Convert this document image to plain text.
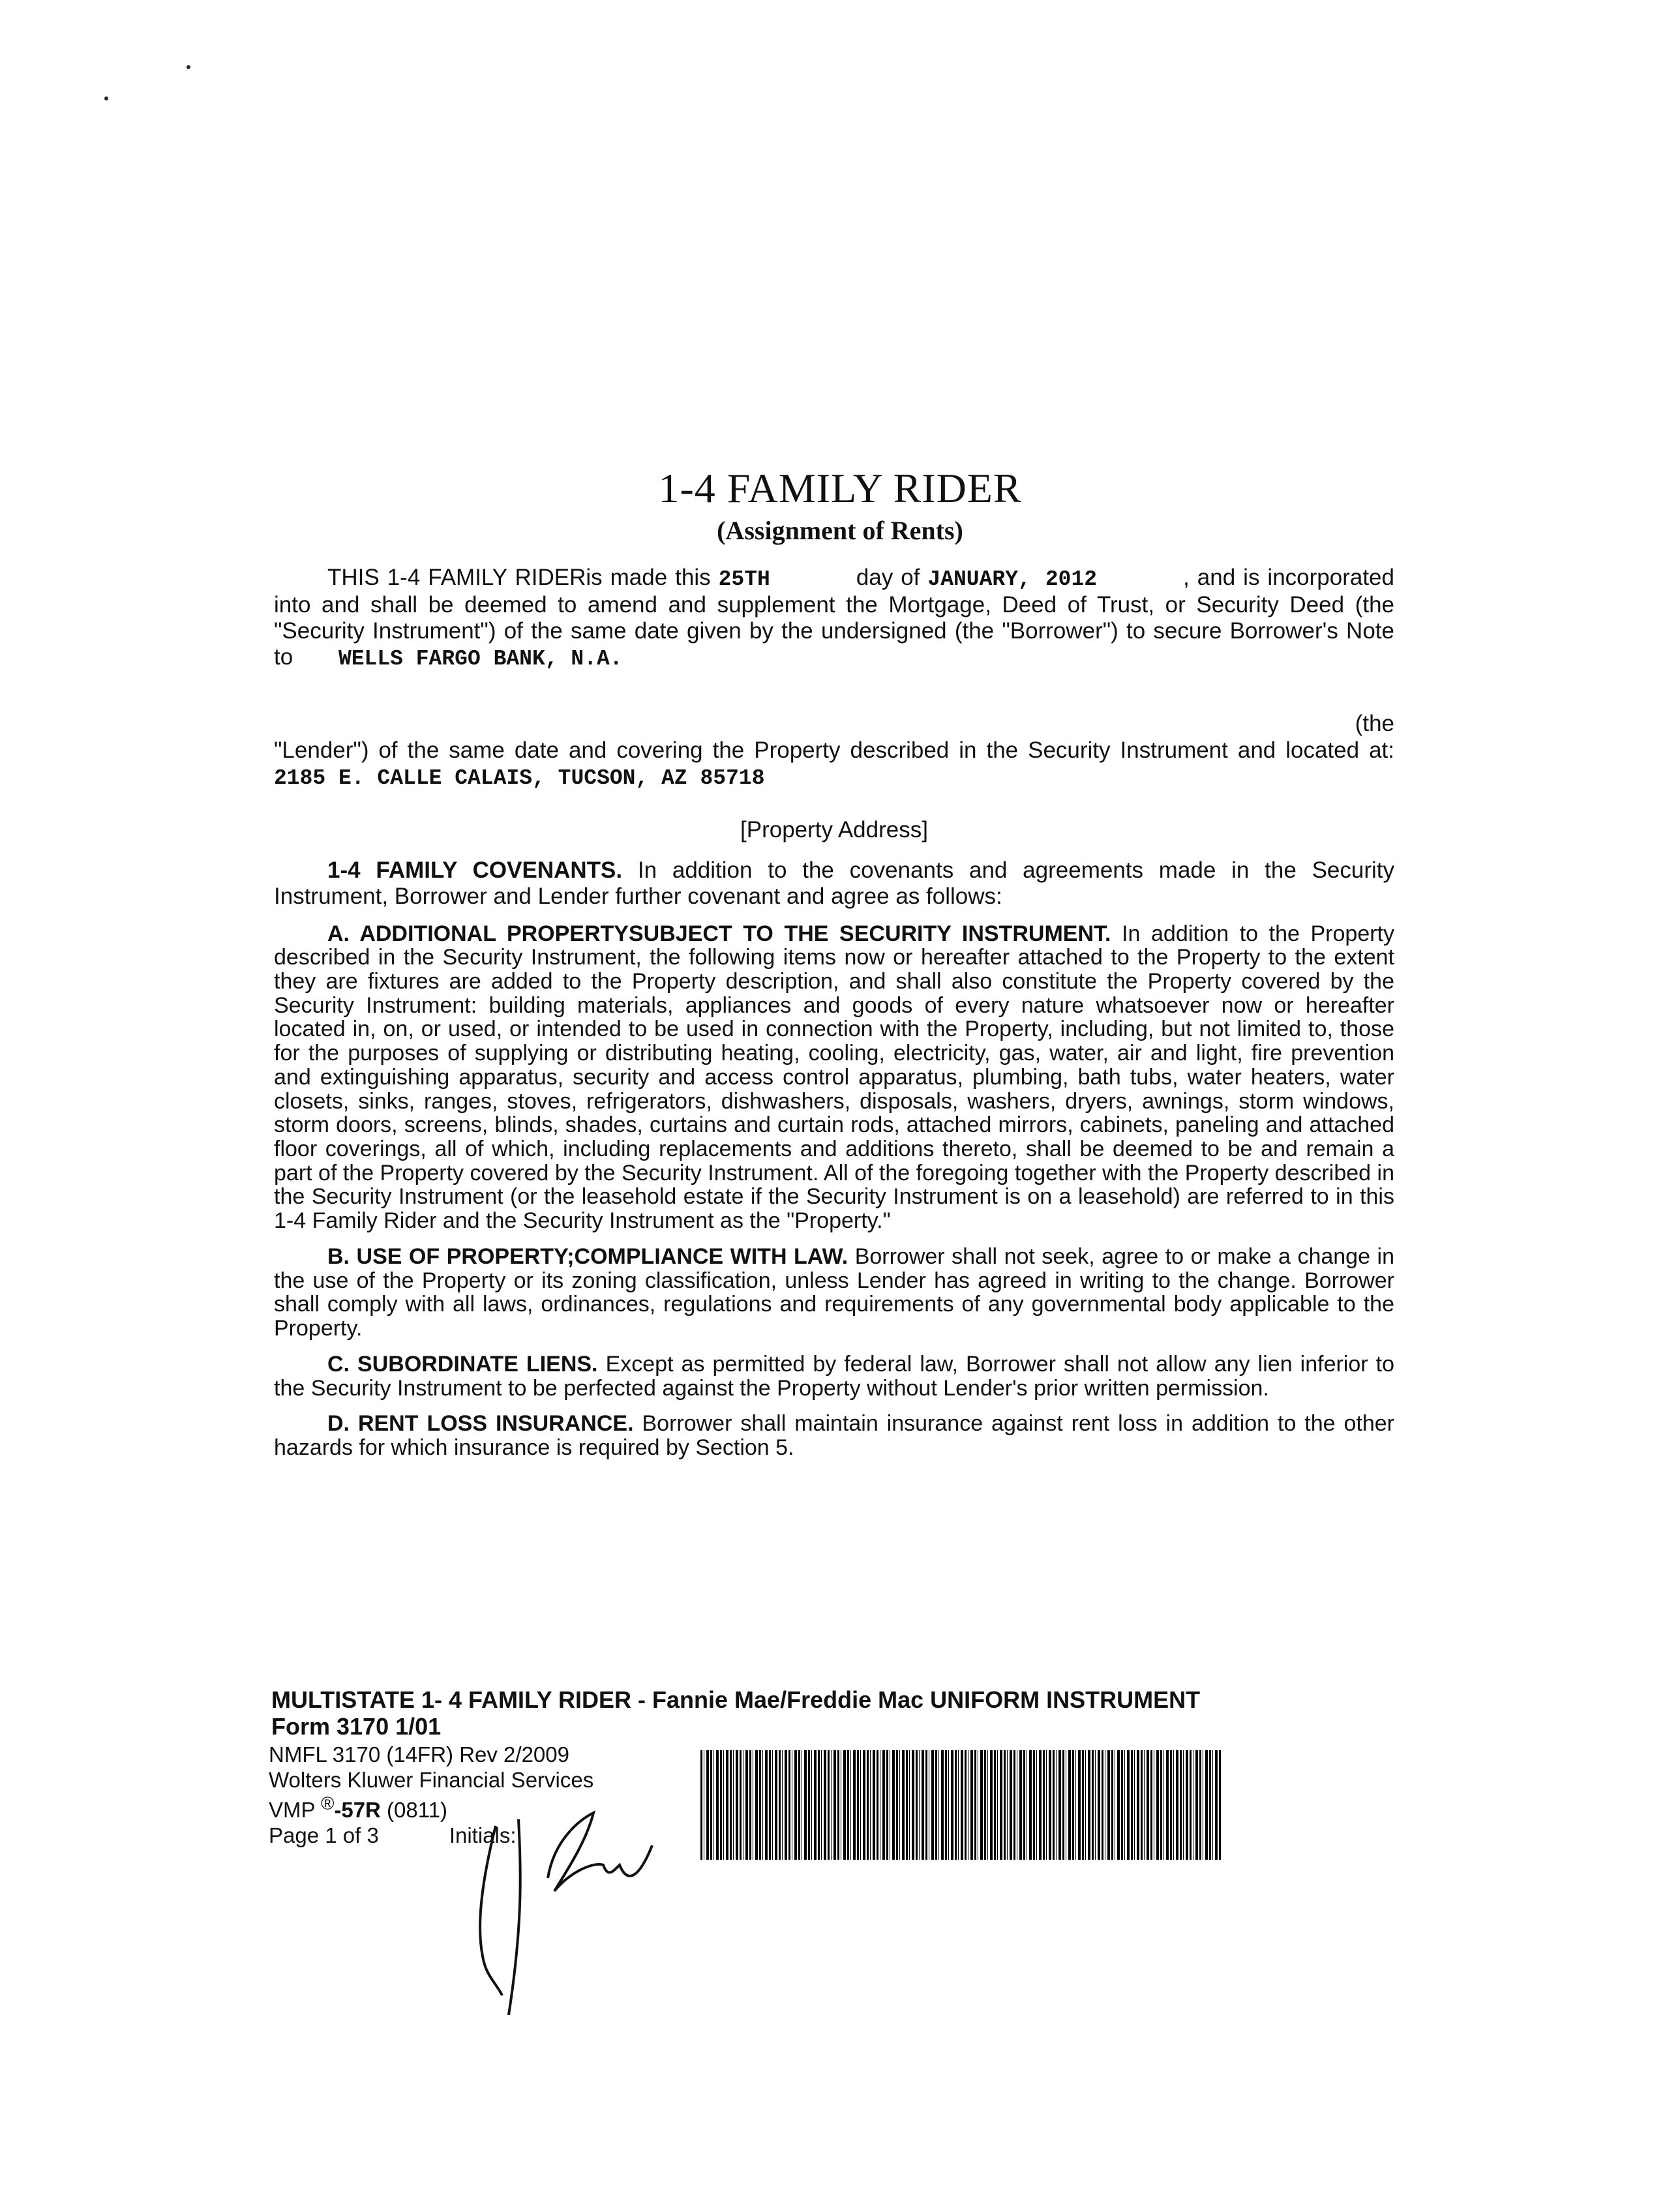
1-4 FAMILY RIDER
(Assignment of Rents)

THIS 1-4 FAMILY RIDERis made this 25TH	day of JANUARY, 2012	, and is incorporated into and shall be deemed to amend and supplement the Mortgage, Deed of Trust, or Security Deed (the "Security Instrument") of the same date given by the undersigned (the "Borrower") to secure Borrower's Note to WELLS FARGO BANK, N.A.

(the

"Lender") of the same date and covering the Property described in the Security Instrument and located at: 2185 E. CALLE CALAIS, TUCSON, AZ 85718

[Property Address]

1-4 FAMILY COVENANTS. In addition to the covenants and agreements made in the Security Instrument, Borrower and Lender further covenant and agree as follows:

A. ADDITIONAL PROPERTYSUBJECT TO THE SECURITY INSTRUMENT. In addition to the Property described in the Security Instrument, the following items now or hereafter attached to the Property to the extent they are fixtures are added to the Property description, and shall also constitute the Property covered by the Security Instrument: building materials, appliances and goods of every nature whatsoever now or hereafter located in, on, or used, or intended to be used in connection with the Property, including, but not limited to, those for the purposes of supplying or distributing heating, cooling, electricity, gas, water, air and light, fire prevention and extinguishing apparatus, security and access control apparatus, plumbing, bath tubs, water heaters, water closets, sinks, ranges, stoves, refrigerators, dishwashers, disposals, washers, dryers, awnings, storm windows, storm doors, screens, blinds, shades, curtains and curtain rods, attached mirrors, cabinets, paneling and attached floor coverings, all of which, including replacements and additions thereto, shall be deemed to be and remain a part of the Property covered by the Security Instrument. All of the foregoing together with the Property described in the Security Instrument (or the leasehold estate if the Security Instrument is on a leasehold) are referred to in this 1-4 Family Rider and the Security Instrument as the "Property."

B. USE OF PROPERTY;COMPLIANCE WITH LAW. Borrower shall not seek, agree to or make a change in the use of the Property or its zoning classification, unless Lender has agreed in writing to the change. Borrower shall comply with all laws, ordinances, regulations and requirements of any governmental body applicable to the Property.

C. SUBORDINATE LIENS. Except as permitted by federal law, Borrower shall not allow any lien inferior to the Security Instrument to be perfected against the Property without Lender's prior written permission.

D. RENT LOSS INSURANCE. Borrower shall maintain insurance against rent loss in addition to the other hazards for which insurance is required by Section 5.

MULTISTATE 1- 4 FAMILY RIDER - Fannie Mae/Freddie Mac UNIFORM INSTRUMENT
Form 3170 1/01
NMFL 3170 (14FR) Rev 2/2009
Wolters Kluwer Financial Services
VMP ®-57R (0811)
Page 1 of 3	Initials:
